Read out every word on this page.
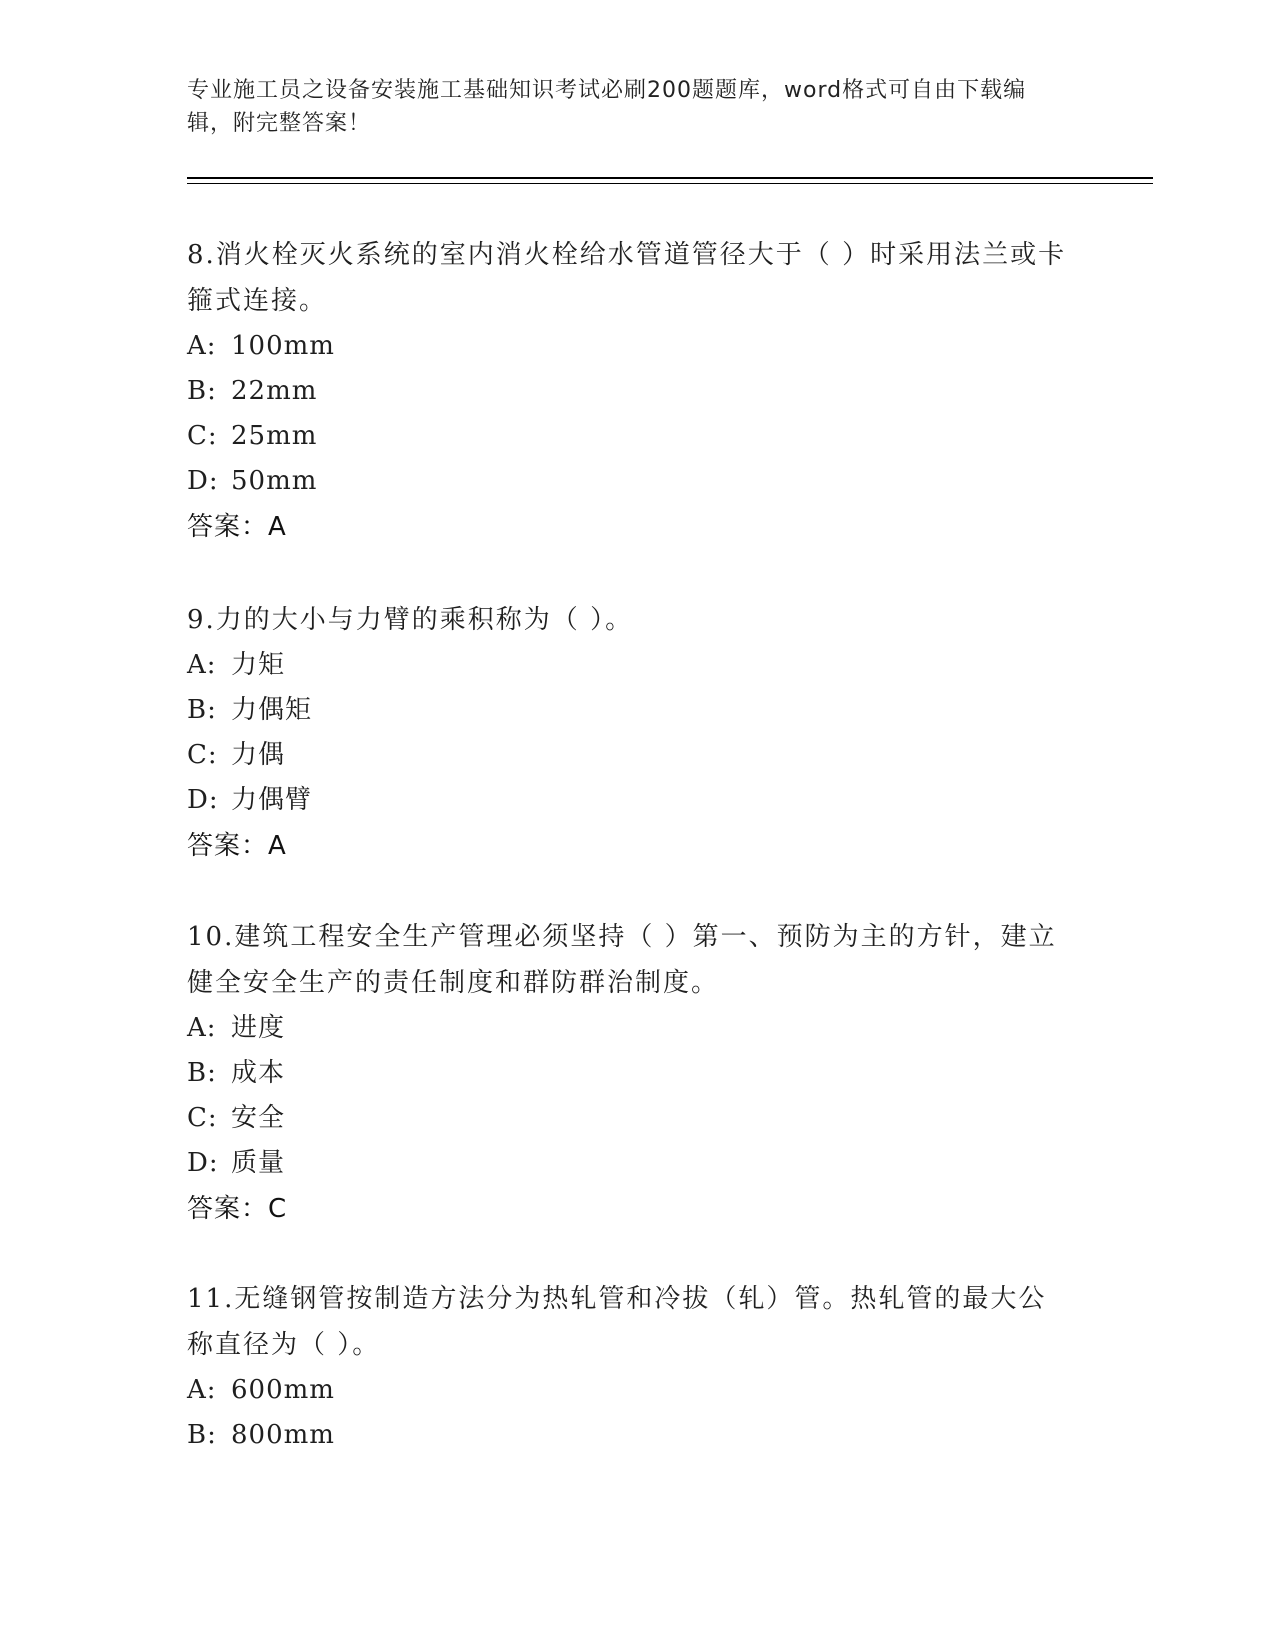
专业施工员之设备安装施工基础知识考试必刷200题题库，word格式可自由下载编辑，附完整答案！

8.消火栓灭火系统的室内消火栓给水管道管径大于（ ）时采用法兰或卡箍式连接。

A: 100mm

B: 22mm

C: 25mm

D: 50mm

答案：A

9.力的大小与力臂的乘积称为（ ）。

A: 力矩

B: 力偶矩

C: 力偶

D: 力偶臂

答案：A

10.建筑工程安全生产管理必须坚持（ ）第一、预防为主的方针，建立健全安全生产的责任制度和群防群治制度。

A: 进度

B: 成本

C: 安全

D: 质量

答案：C

11.无缝钢管按制造方法分为热轧管和冷拔（轧）管。热轧管的最大公称直径为（ ）。

A: 600mm

B: 800mm
